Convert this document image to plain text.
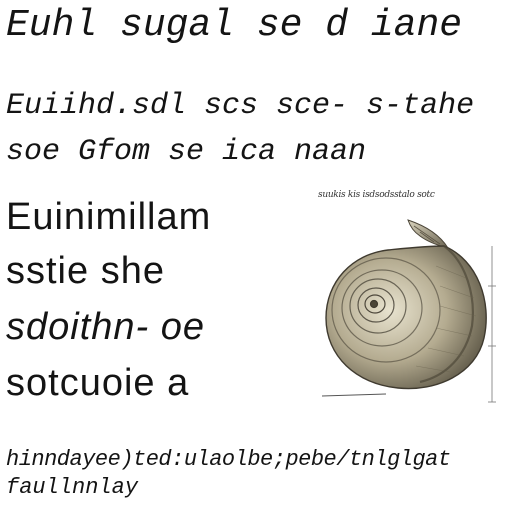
Euhl sugal se d iane
Euiihd.sdl scs sce- s-tahe
soe Gfom se ica naan
Euinimillam
sstie she
sdoithn- oe
sotcuoie a
suukis kis isdsodsstalo sotc
hinndayee)ted:ulaolbe;pebe/tnlglgat
faullnnlay
